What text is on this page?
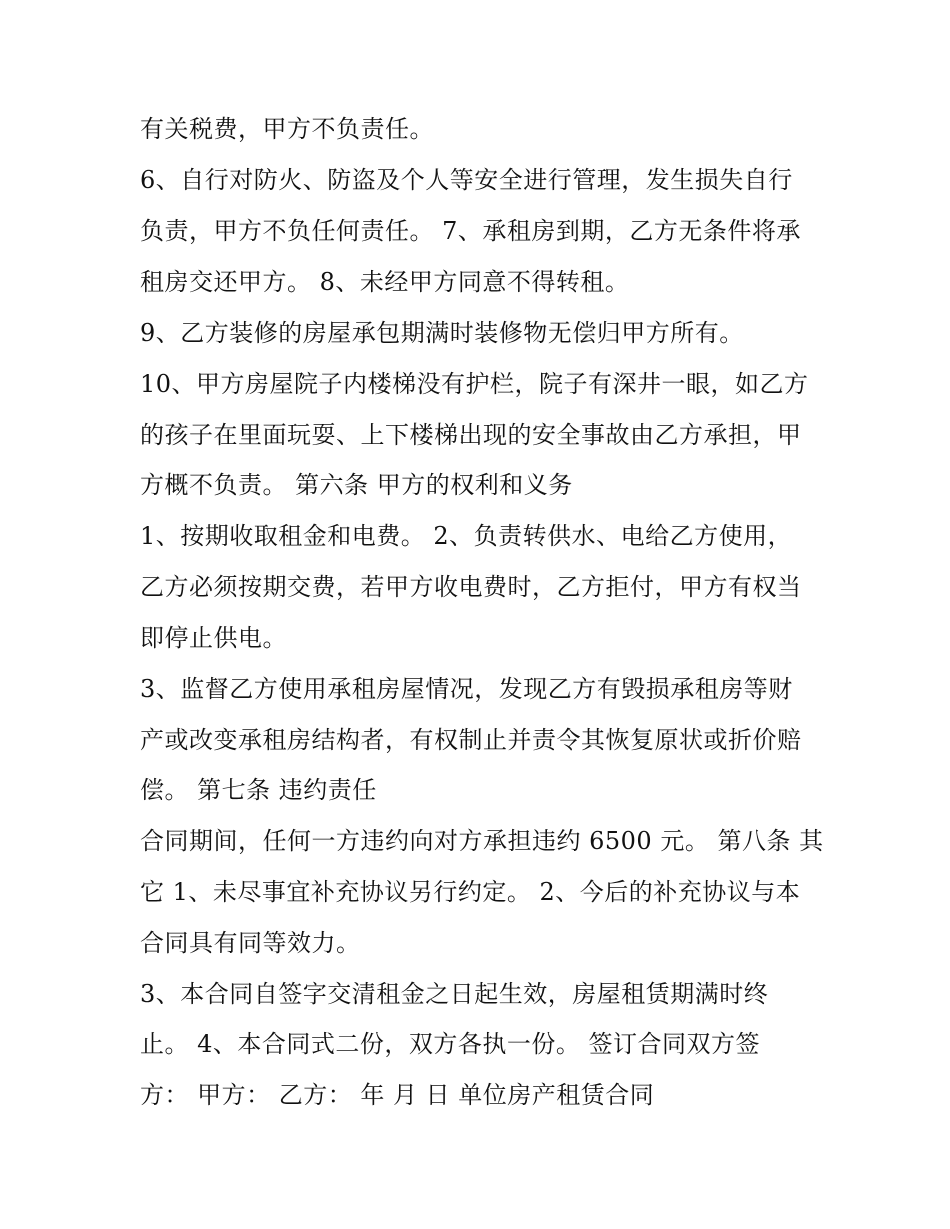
有关税费，甲方不负责任。
6、自行对防火、防盗及个人等安全进行管理，发生损失自行
负责，甲方不负任何责任。 7、承租房到期，乙方无条件将承
租房交还甲方。 8、未经甲方同意不得转租。
9、乙方装修的房屋承包期满时装修物无偿归甲方所有。
10、甲方房屋院子内楼梯没有护栏，院子有深井一眼，如乙方
的孩子在里面玩耍、上下楼梯出现的安全事故由乙方承担，甲
方概不负责。 第六条 甲方的权利和义务
1、按期收取租金和电费。 2、负责转供水、电给乙方使用，
乙方必须按期交费，若甲方收电费时，乙方拒付，甲方有权当
即停止供电。
3、监督乙方使用承租房屋情况，发现乙方有毁损承租房等财
产或改变承租房结构者，有权制止并责令其恢复原状或折价赔
偿。 第七条 违约责任
合同期间，任何一方违约向对方承担违约 6500 元。 第八条 其
它 1、未尽事宜补充协议另行约定。 2、今后的补充协议与本
合同具有同等效力。
3、本合同自签字交清租金之日起生效，房屋租赁期满时终
止。 4、本合同式二份，双方各执一份。 签订合同双方签
方： 甲方： 乙方： 年 月 日 单位房产租赁合同
